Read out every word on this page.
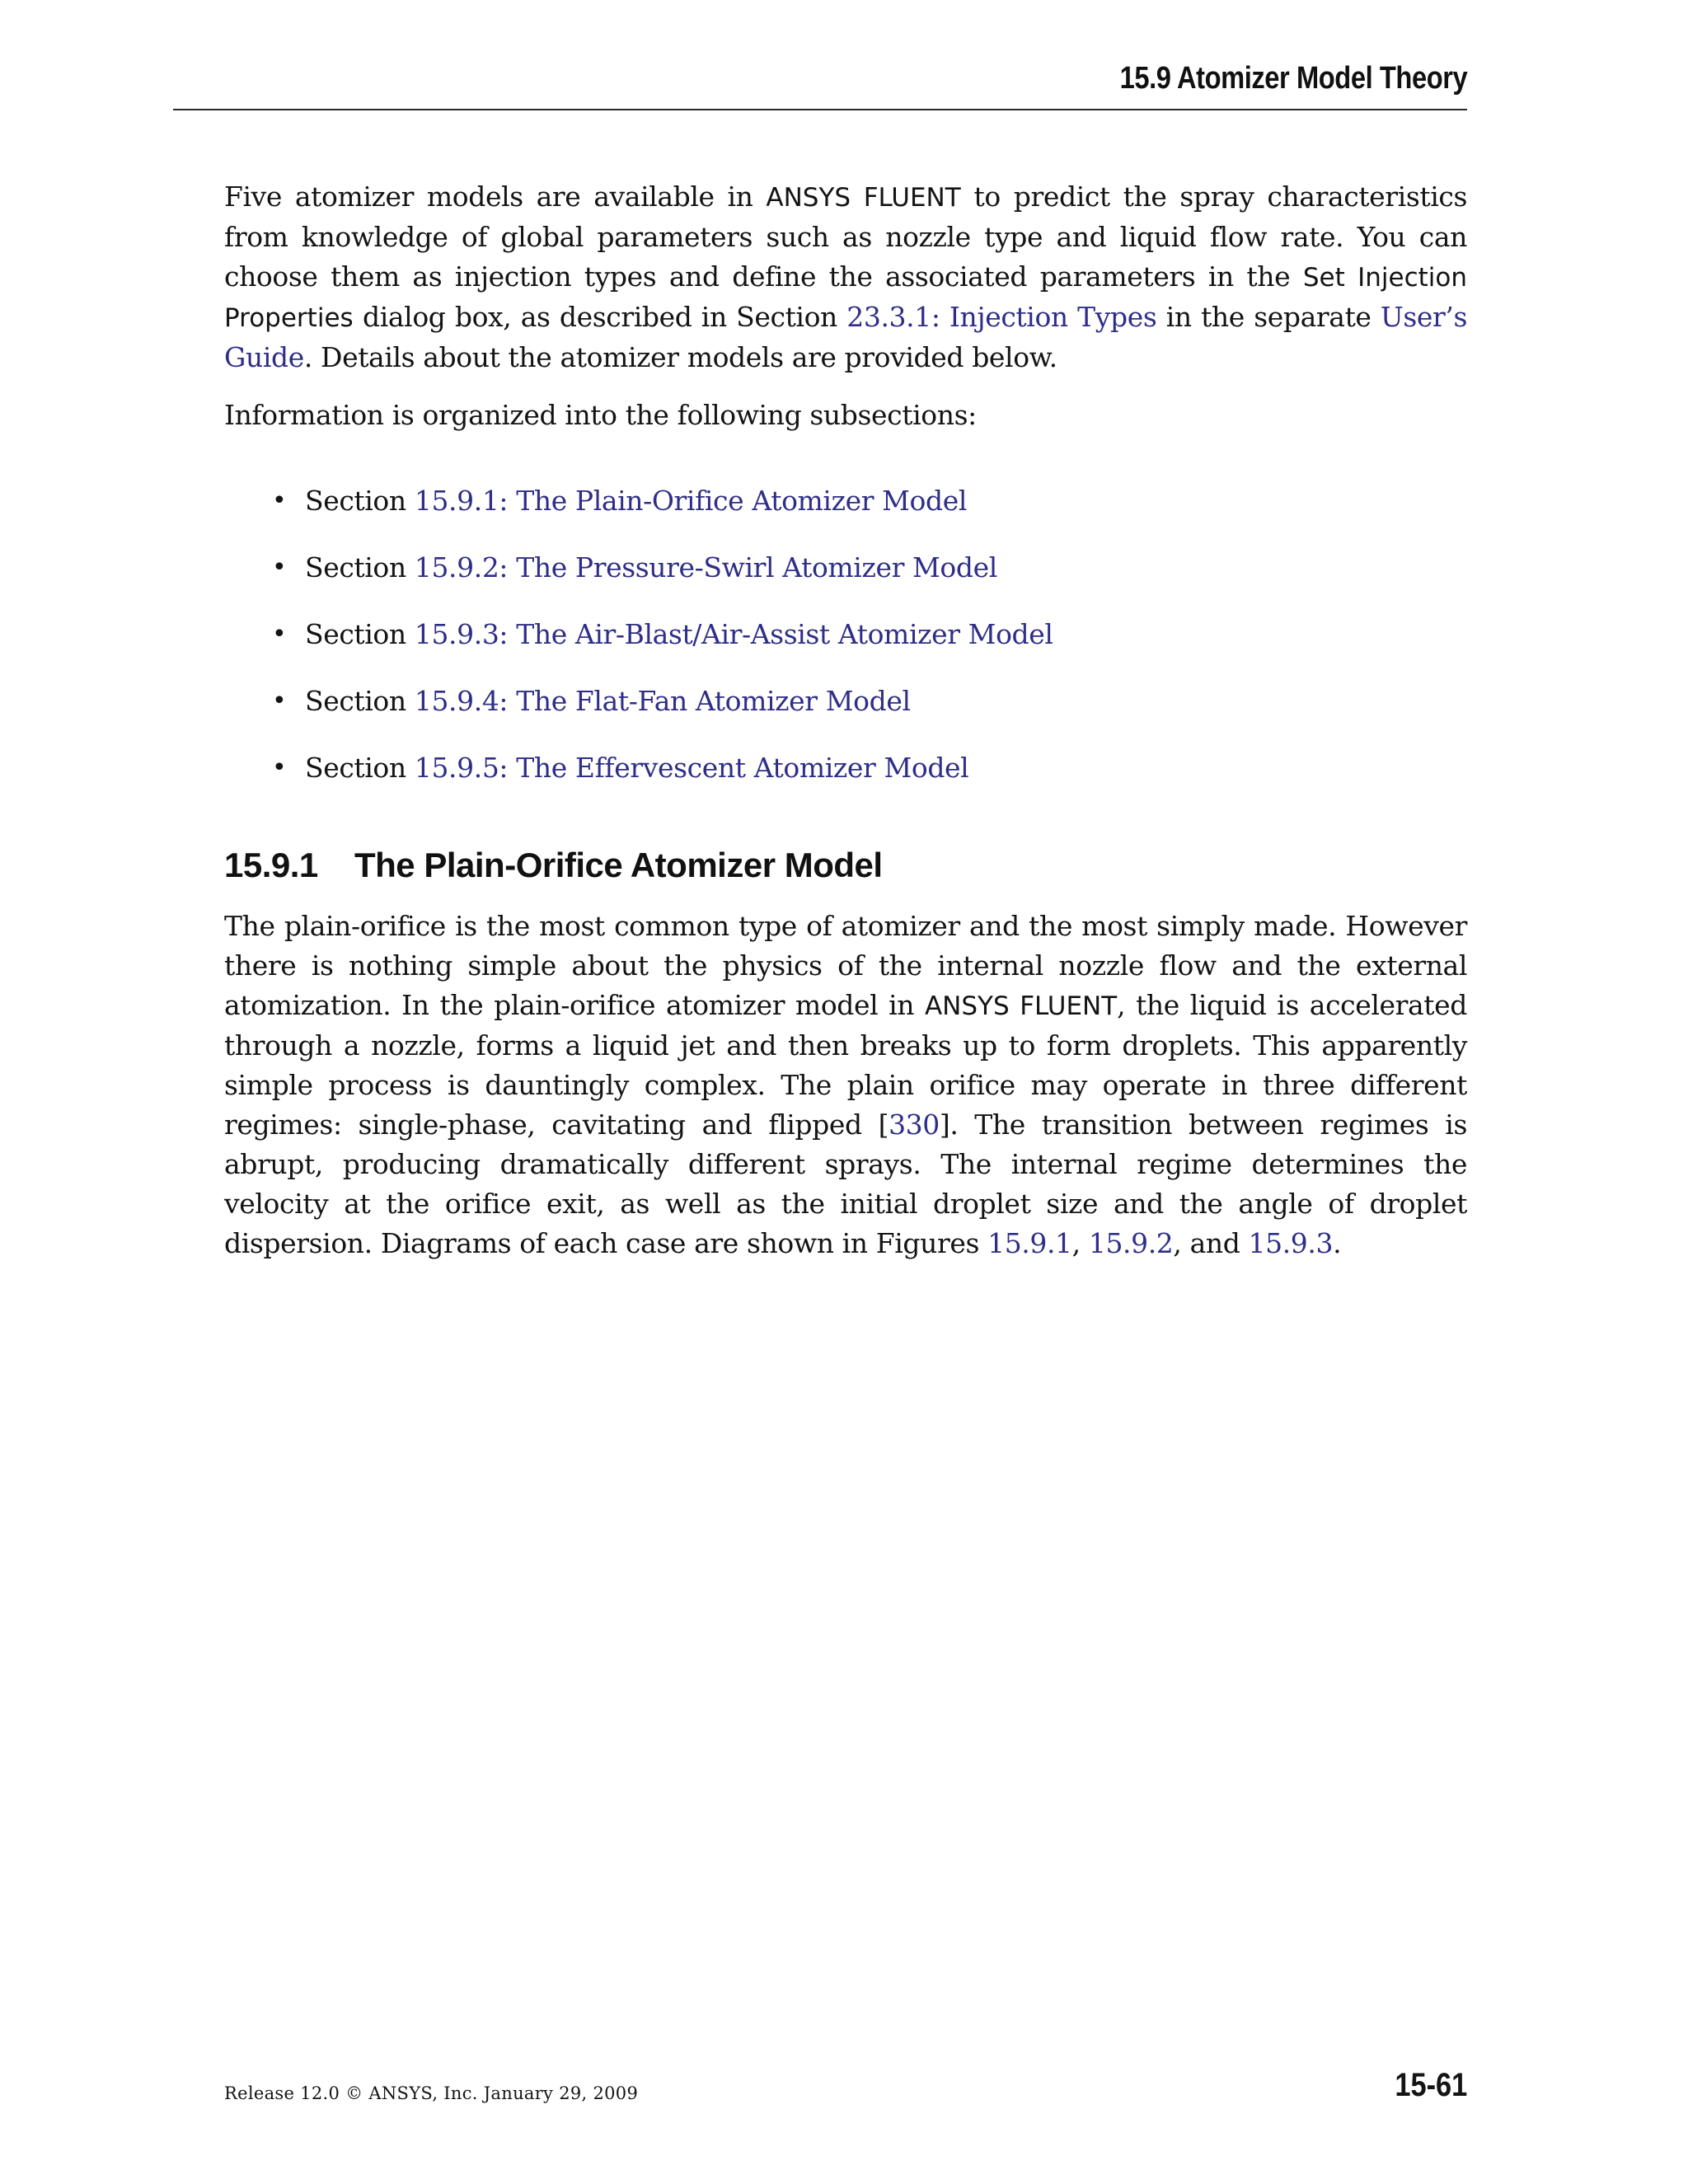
15.9 Atomizer Model Theory

Five atomizer models are available in ANSYS FLUENT to predict the spray characteristics from knowledge of global parameters such as nozzle type and liquid flow rate. You can choose them as injection types and define the associated parameters in the Set Injection Properties dialog box, as described in Section 23.3.1: Injection Types in the separate User’s Guide. Details about the atomizer models are provided below.

Information is organized into the following subsections:

• Section 15.9.1: The Plain-Orifice Atomizer Model
• Section 15.9.2: The Pressure-Swirl Atomizer Model
• Section 15.9.3: The Air-Blast/Air-Assist Atomizer Model
• Section 15.9.4: The Flat-Fan Atomizer Model
• Section 15.9.5: The Effervescent Atomizer Model
15.9.1 The Plain-Orifice Atomizer Model

The plain-orifice is the most common type of atomizer and the most simply made. However there is nothing simple about the physics of the internal nozzle flow and the external atomization. In the plain-orifice atomizer model in ANSYS FLUENT, the liquid is accelerated through a nozzle, forms a liquid jet and then breaks up to form droplets. This apparently simple process is dauntingly complex. The plain orifice may operate in three different regimes: single-phase, cavitating and flipped [330]. The transition between regimes is abrupt, producing dramatically different sprays. The internal regime determines the velocity at the orifice exit, as well as the initial droplet size and the angle of droplet dispersion. Diagrams of each case are shown in Figures 15.9.1, 15.9.2, and 15.9.3.

Release 12.0 © ANSYS, Inc. January 29, 2009	15-61
